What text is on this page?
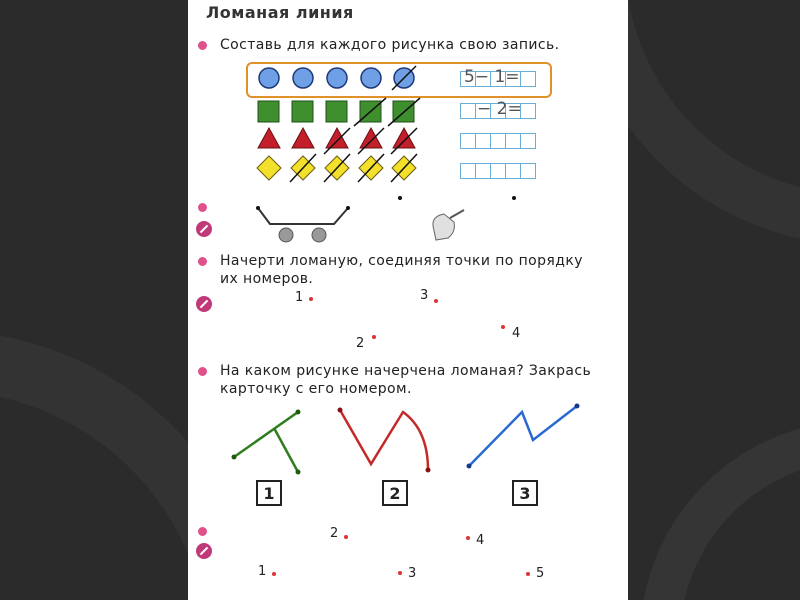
Ломаная линия
Составь для каждого рисунка свою запись.
5− 1=
− 2=
Начерти ломаную, соединяя точки по порядку
их номеров.
1	3
2
4
На каком рисунке начерчена ломаная? Закрась
карточку с его номером.
1	2	3
2	4
1	3	5
